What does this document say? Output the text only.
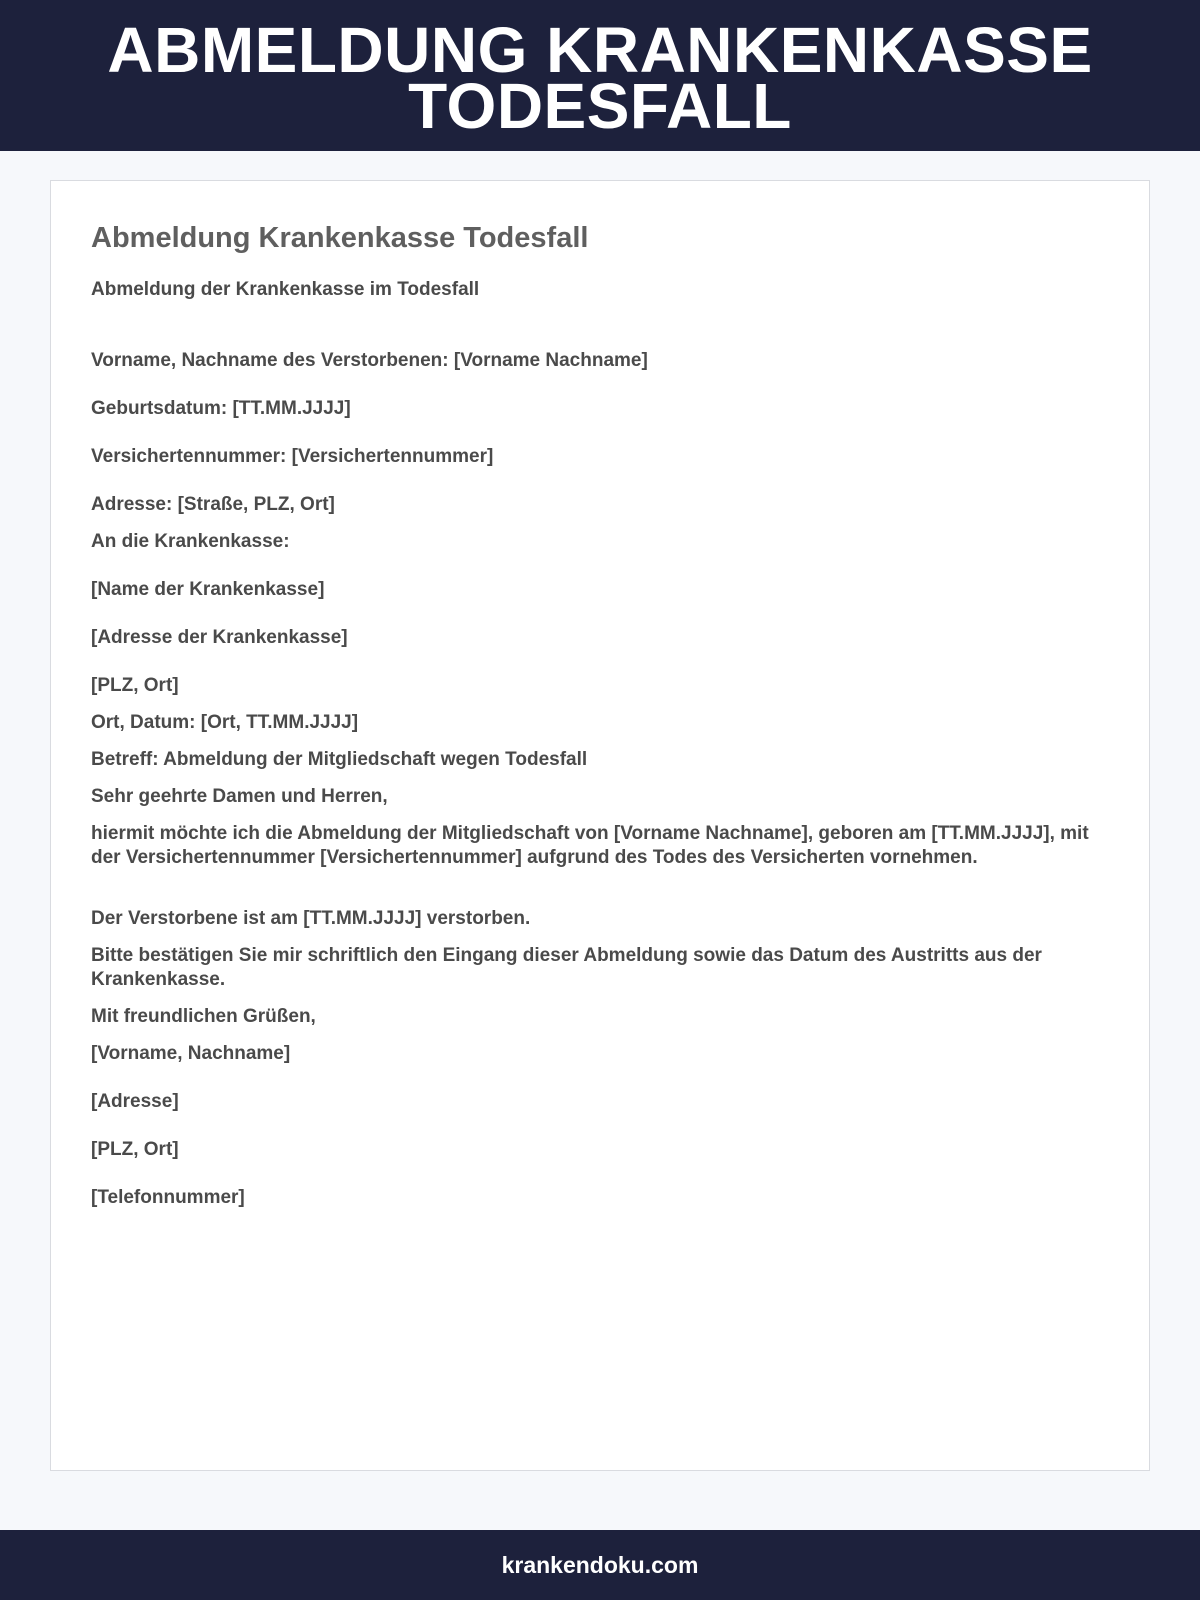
ABMELDUNG KRANKENKASSE TODESFALL
Abmeldung Krankenkasse Todesfall
Abmeldung der Krankenkasse im Todesfall
Vorname, Nachname des Verstorbenen: [Vorname Nachname]
Geburtsdatum: [TT.MM.JJJJ]
Versichertennummer: [Versichertennummer]
Adresse: [Straße, PLZ, Ort]
An die Krankenkasse:
[Name der Krankenkasse]
[Adresse der Krankenkasse]
[PLZ, Ort]
Ort, Datum: [Ort, TT.MM.JJJJ]
Betreff: Abmeldung der Mitgliedschaft wegen Todesfall
Sehr geehrte Damen und Herren,
hiermit möchte ich die Abmeldung der Mitgliedschaft von [Vorname Nachname], geboren am [TT.MM.JJJJ], mit der Versichertennummer [Versichertennummer] aufgrund des Todes des Versicherten vornehmen.
Der Verstorbene ist am [TT.MM.JJJJ] verstorben.
Bitte bestätigen Sie mir schriftlich den Eingang dieser Abmeldung sowie das Datum des Austritts aus der Krankenkasse.
Mit freundlichen Grüßen,
[Vorname, Nachname]
[Adresse]
[PLZ, Ort]
[Telefonnummer]
krankendoku.com
